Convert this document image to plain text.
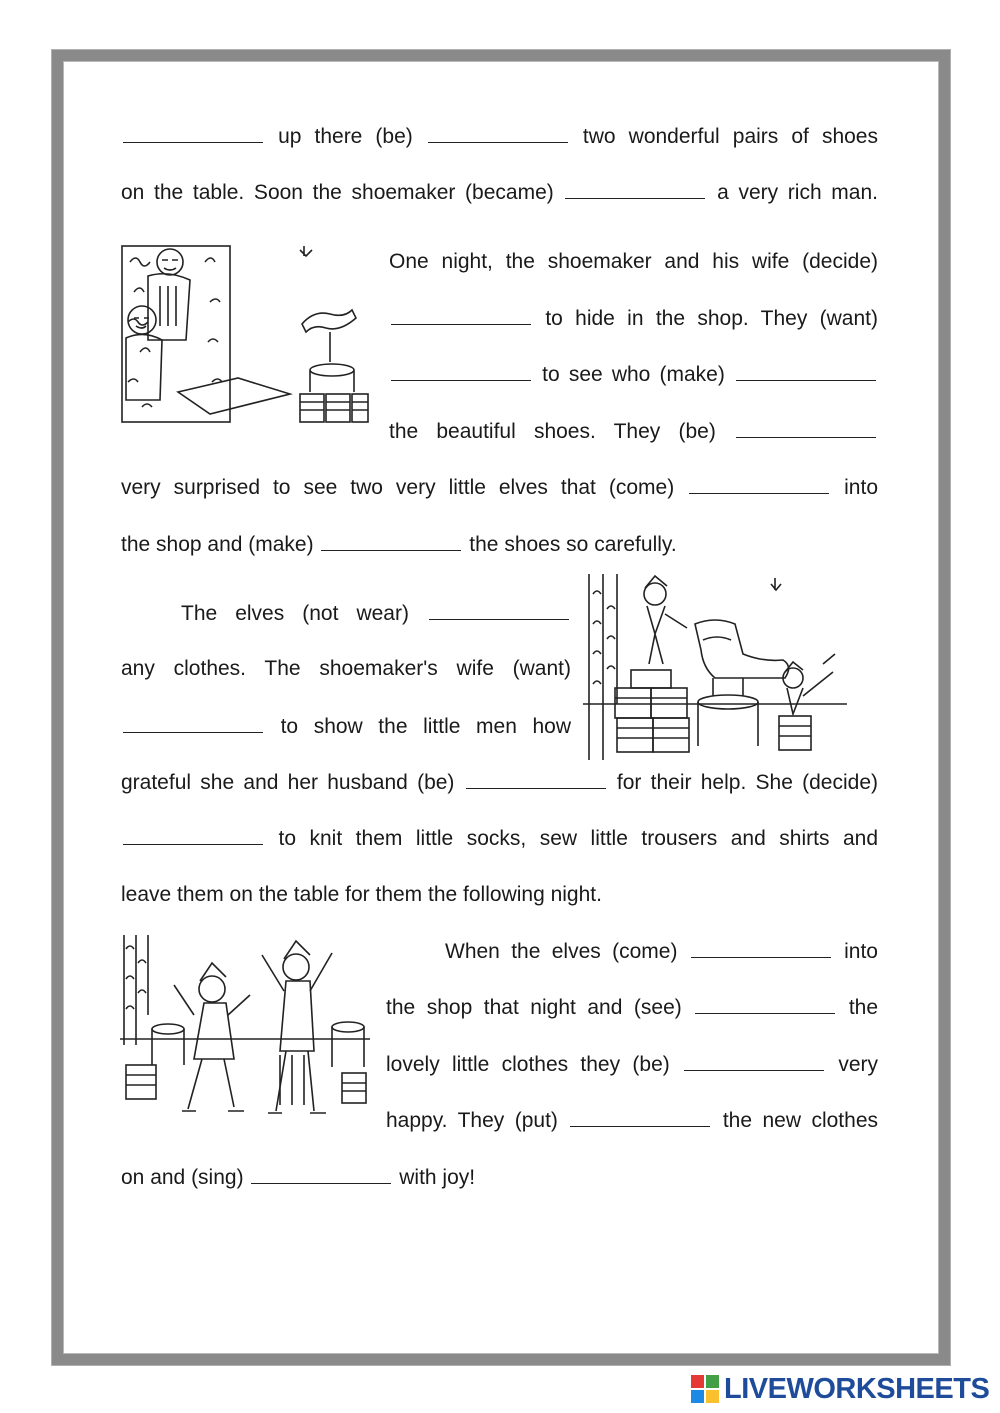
up there (be)	two wonderful pairs of shoes
on the table. Soon the shoemaker (became)	a very rich man.
One night, the shoemaker and his wife (decide)
to hide in the shop. They (want)
to see who (make)
the beautiful shoes. They (be)
very surprised to see two very little elves that (come)	into
the shop and (make)	the shoes so carefully.
The elves (not wear)
any clothes. The shoemaker's wife (want)
to show the little men how
grateful she and her husband (be)	for their help. She (decide)
to knit them little socks, sew little trousers and shirts and
leave them on the table for them the following night.
When the elves (come)	into
the shop that night and (see)	the
lovely little clothes they (be)	very
happy. They (put)	the new clothes
on and (sing)	with joy!
LIVEWORKSHEETS
